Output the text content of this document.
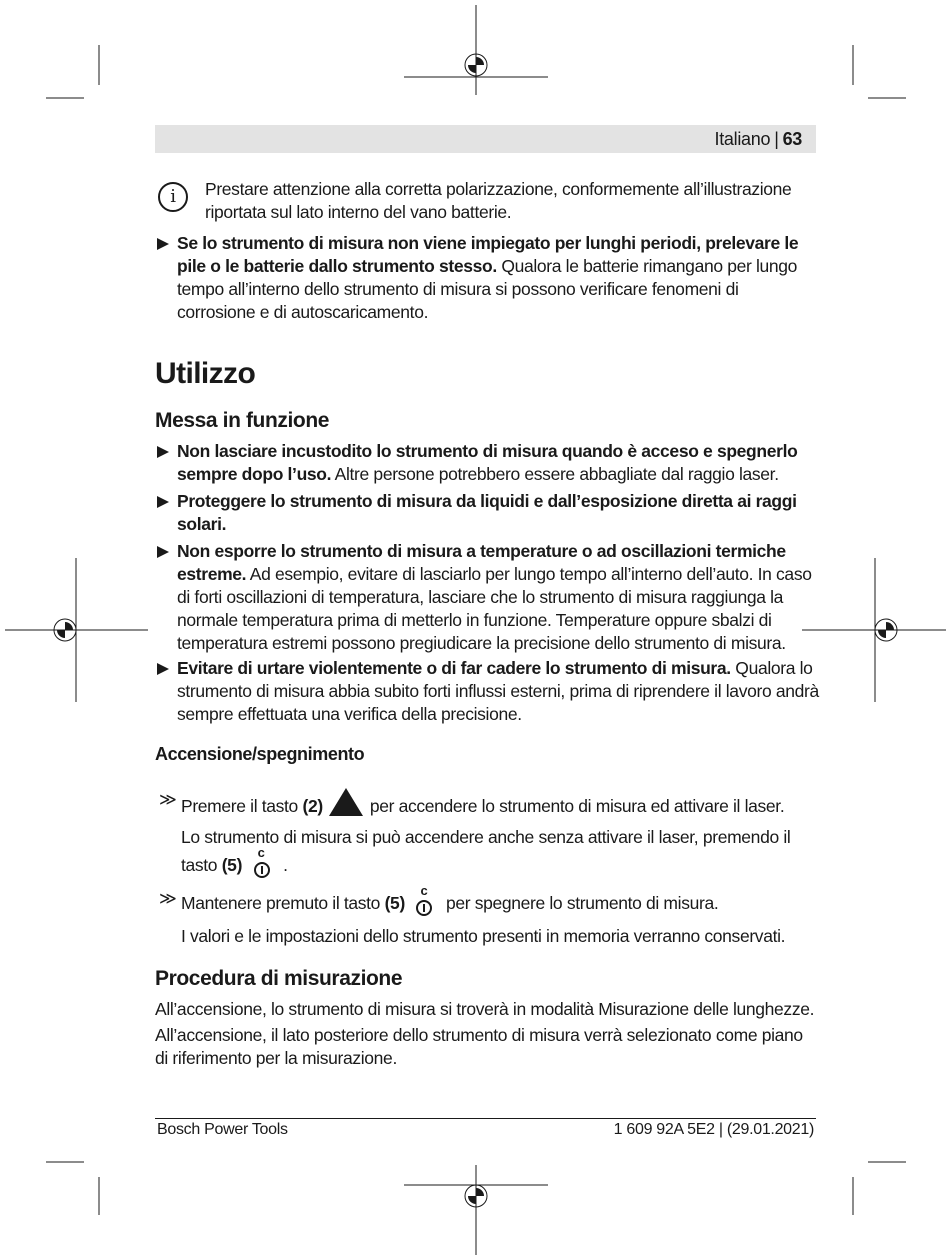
Italiano | 63
i	Prestare attenzione alla corretta polarizzazione, conformemente all’illustrazione riportata sul lato interno del vano batterie.
Se lo strumento di misura non viene impiegato per lunghi periodi, prelevare le pile o le batterie dallo strumento stesso. Qualora le batterie rimangano per lungo tempo all’interno dello strumento di misura si possono verificare fenomeni di corrosione e di autoscaricamento.
Utilizzo
Messa in funzione
Non lasciare incustodito lo strumento di misura quando è acceso e spegnerlo sempre dopo l’uso. Altre persone potrebbero essere abbagliate dal raggio laser.
Proteggere lo strumento di misura da liquidi e dall’esposizione diretta ai raggi solari.
Non esporre lo strumento di misura a temperature o ad oscillazioni termiche estreme. Ad esempio, evitare di lasciarlo per lungo tempo all’interno dell’auto. In caso di forti oscillazioni di temperatura, lasciare che lo strumento di misura raggiunga la normale temperatura prima di metterlo in funzione. Temperature oppure sbalzi di temperatura estremi possono pregiudicare la precisione dello strumento di misura.
Evitare di urtare violentemente o di far cadere lo strumento di misura. Qualora lo strumento di misura abbia subito forti influssi esterni, prima di riprendere il lavoro andrà sempre effettuata una verifica della precisione.
Accensione/spegnimento
≫ Premere il tasto (2)	per accendere lo strumento di misura ed attivare il laser.
Lo strumento di misura si può accendere anche senza attivare il laser, premendo il tasto (5)
c
.
≫ Mantenere premuto il tasto (5)
c
per spegnere lo strumento di misura.
I valori e le impostazioni dello strumento presenti in memoria verranno conservati.
Procedura di misurazione
All’accensione, lo strumento di misura si troverà in modalità Misurazione delle lunghezze.
All’accensione, il lato posteriore dello strumento di misura verrà selezionato come piano di riferimento per la misurazione.
Bosch Power Tools	1 609 92A 5E2 | (29.01.2021)
